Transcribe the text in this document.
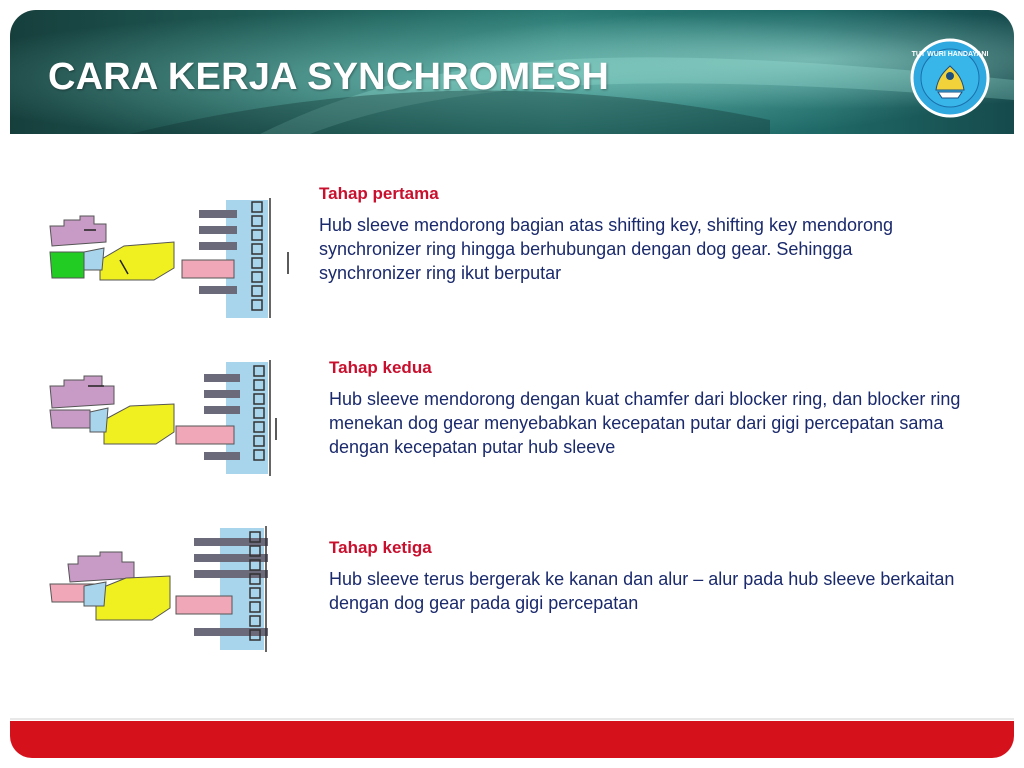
CARA KERJA SYNCHROMESH
TUT WURI HANDAYANI
Tahap pertama

Hub sleeve mendorong bagian atas shifting key, shifting key mendorong synchronizer ring hingga berhubungan dengan dog gear. Sehingga synchronizer ring ikut berputar

Tahap kedua

Hub sleeve mendorong dengan kuat chamfer dari blocker ring, dan blocker ring menekan dog gear menyebabkan kecepatan putar dari gigi percepatan sama dengan kecepatan putar hub sleeve

Tahap ketiga

Hub sleeve terus bergerak ke kanan dan alur – alur pada hub sleeve berkaitan dengan dog gear pada gigi percepatan
